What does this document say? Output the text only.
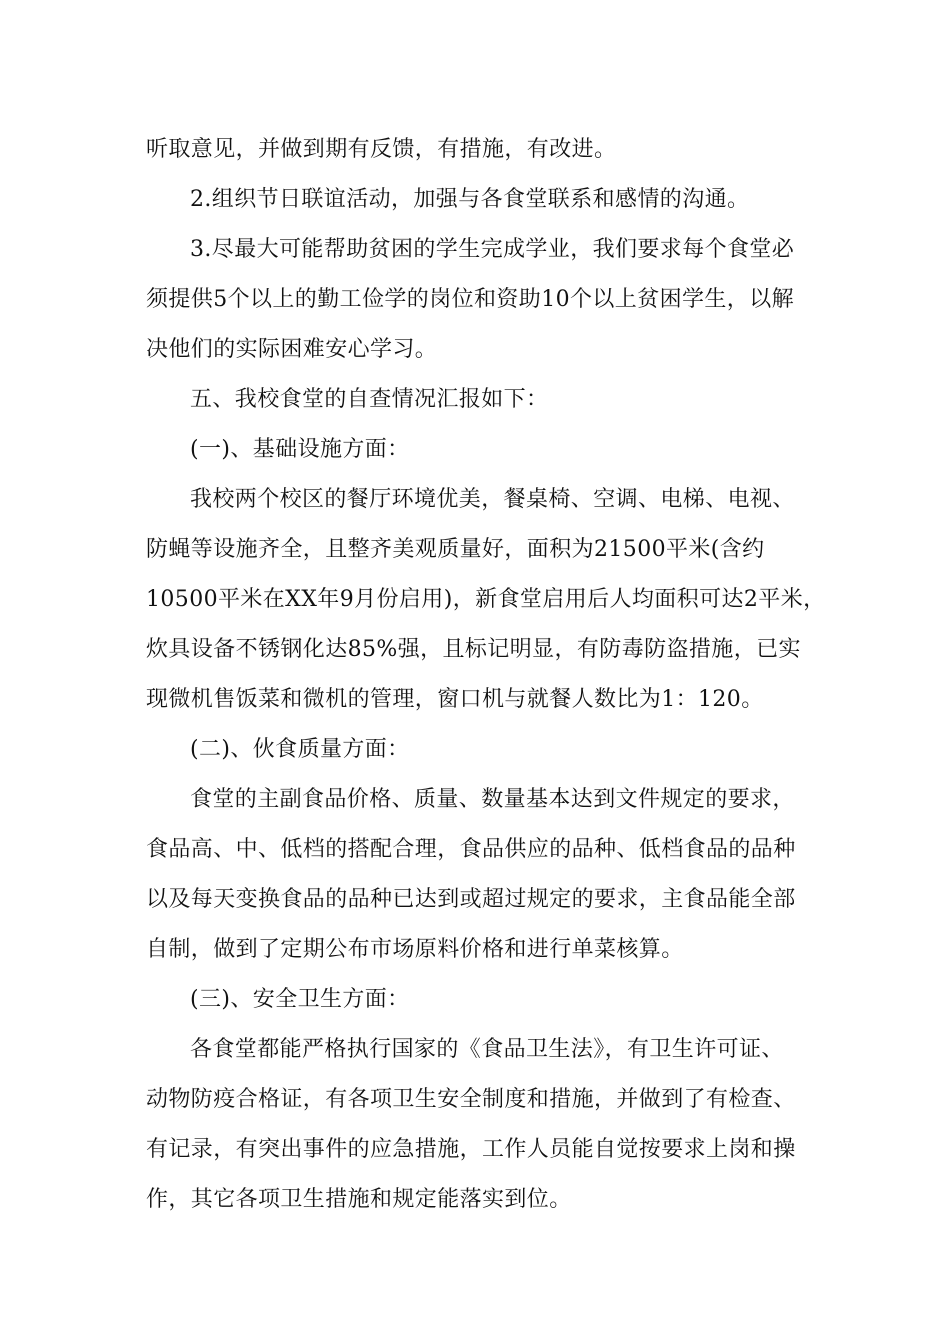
听取意见，并做到期有反馈，有措施，有改进。
2.组织节日联谊活动，加强与各食堂联系和感情的沟通。
3.尽最大可能帮助贫困的学生完成学业，我们要求每个食堂必
须提供5个以上的勤工俭学的岗位和资助10个以上贫困学生，以解
决他们的实际困难安心学习。
五、我校食堂的自查情况汇报如下：
(一)、基础设施方面：
我校两个校区的餐厅环境优美，餐桌椅、空调、电梯、电视、
防蝇等设施齐全，且整齐美观质量好，面积为21500平米(含约
10500平米在XX年9月份启用)，新食堂启用后人均面积可达2平米，
炊具设备不锈钢化达85%强，且标记明显，有防毒防盗措施，已实
现微机售饭菜和微机的管理，窗口机与就餐人数比为1：120。
(二)、伙食质量方面：
食堂的主副食品价格、质量、数量基本达到文件规定的要求，
食品高、中、低档的搭配合理，食品供应的品种、低档食品的品种
以及每天变换食品的品种已达到或超过规定的要求，主食品能全部
自制，做到了定期公布市场原料价格和进行单菜核算。
(三)、安全卫生方面：
各食堂都能严格执行国家的《食品卫生法》，有卫生许可证、
动物防疫合格证，有各项卫生安全制度和措施，并做到了有检查、
有记录，有突出事件的应急措施，工作人员能自觉按要求上岗和操
作，其它各项卫生措施和规定能落实到位。
